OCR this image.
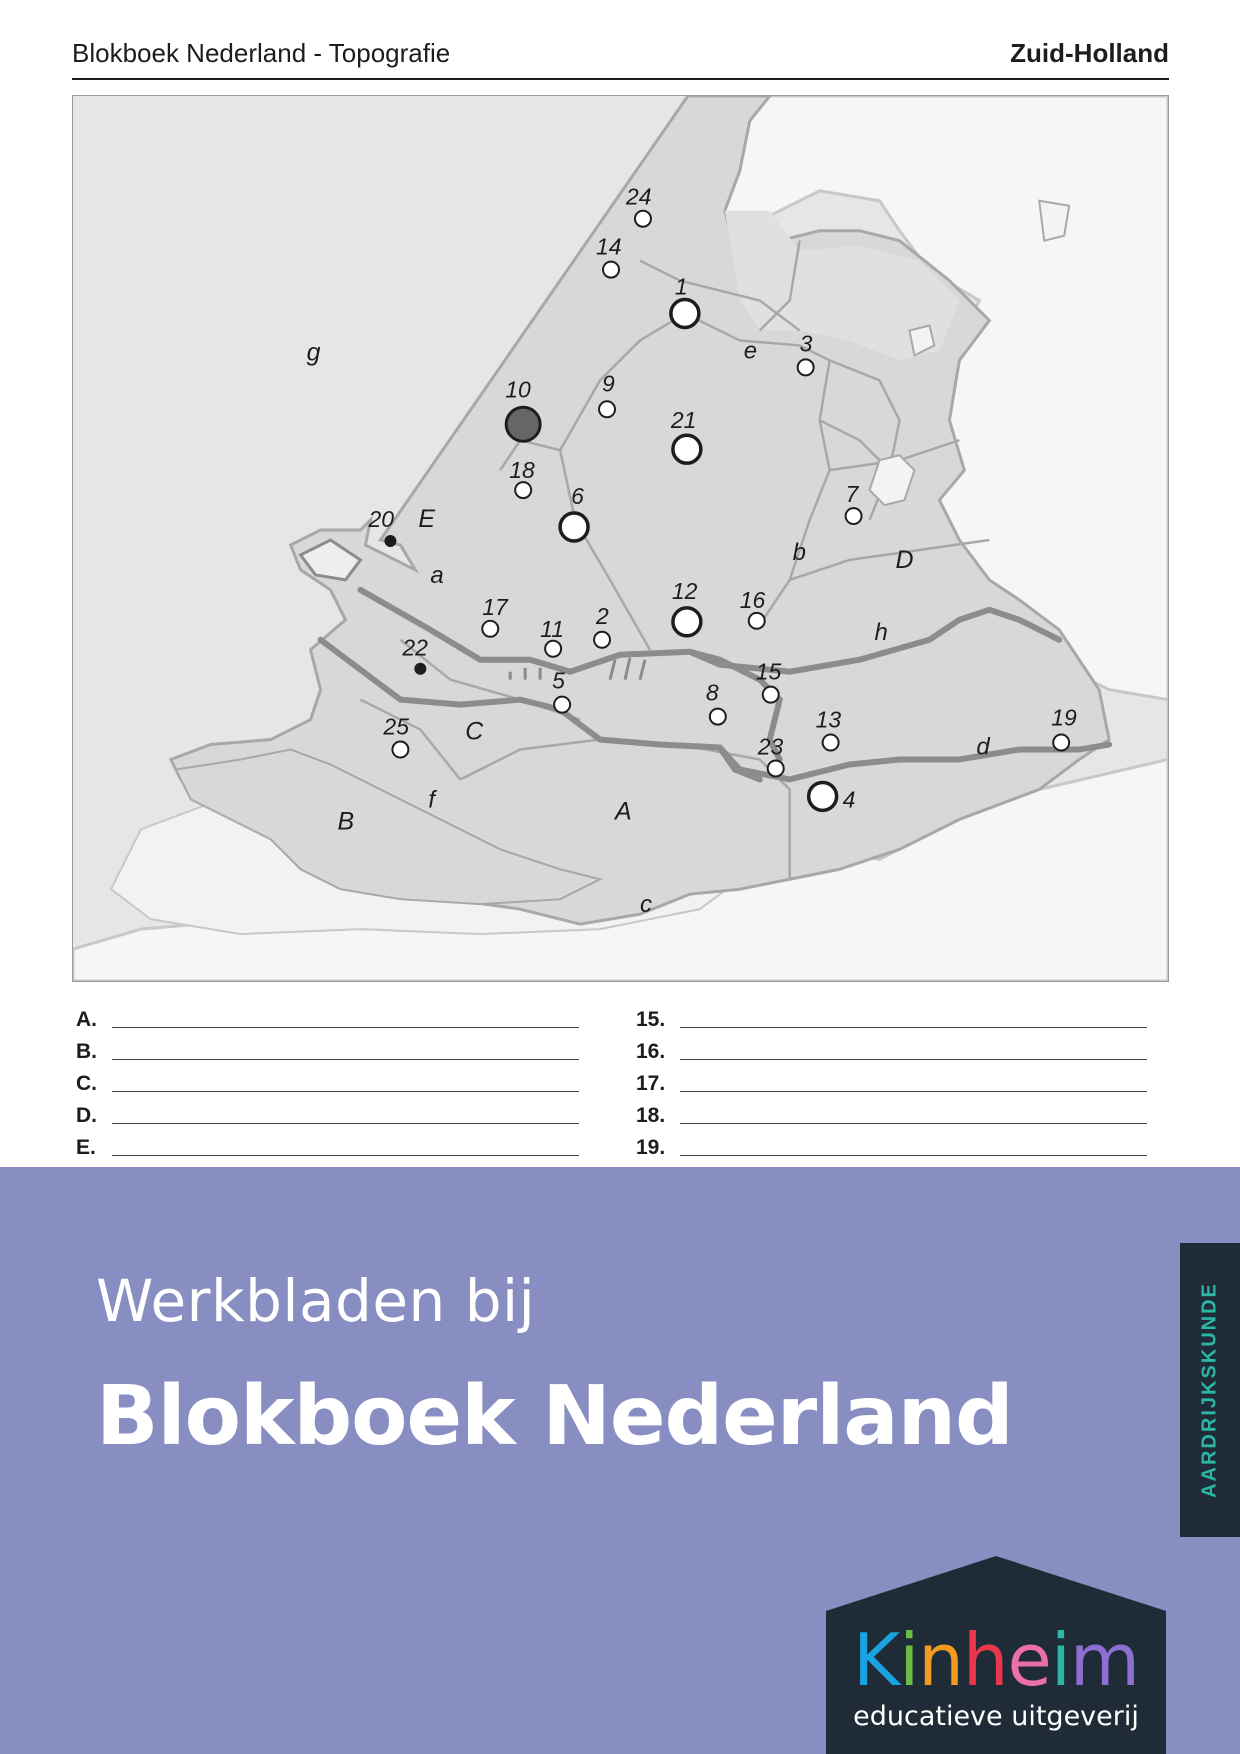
Blokboek Nederland - Topografie	Zuid-Holland
g
A
B
C
D
E
a
b
c
d
e
f
h
1
2
3
4
5
6	7
8
9
10
11
12
13
14
15
16
17
18
19
20
21
22
23
24
25
A.
B.
C.
D.
E.
15.
16.
17.
18.
19.
Werkbladen bij
Blokboek Nederland	AARDRIJKSKUNDE
Kinheim
educatieve uitgeverij
